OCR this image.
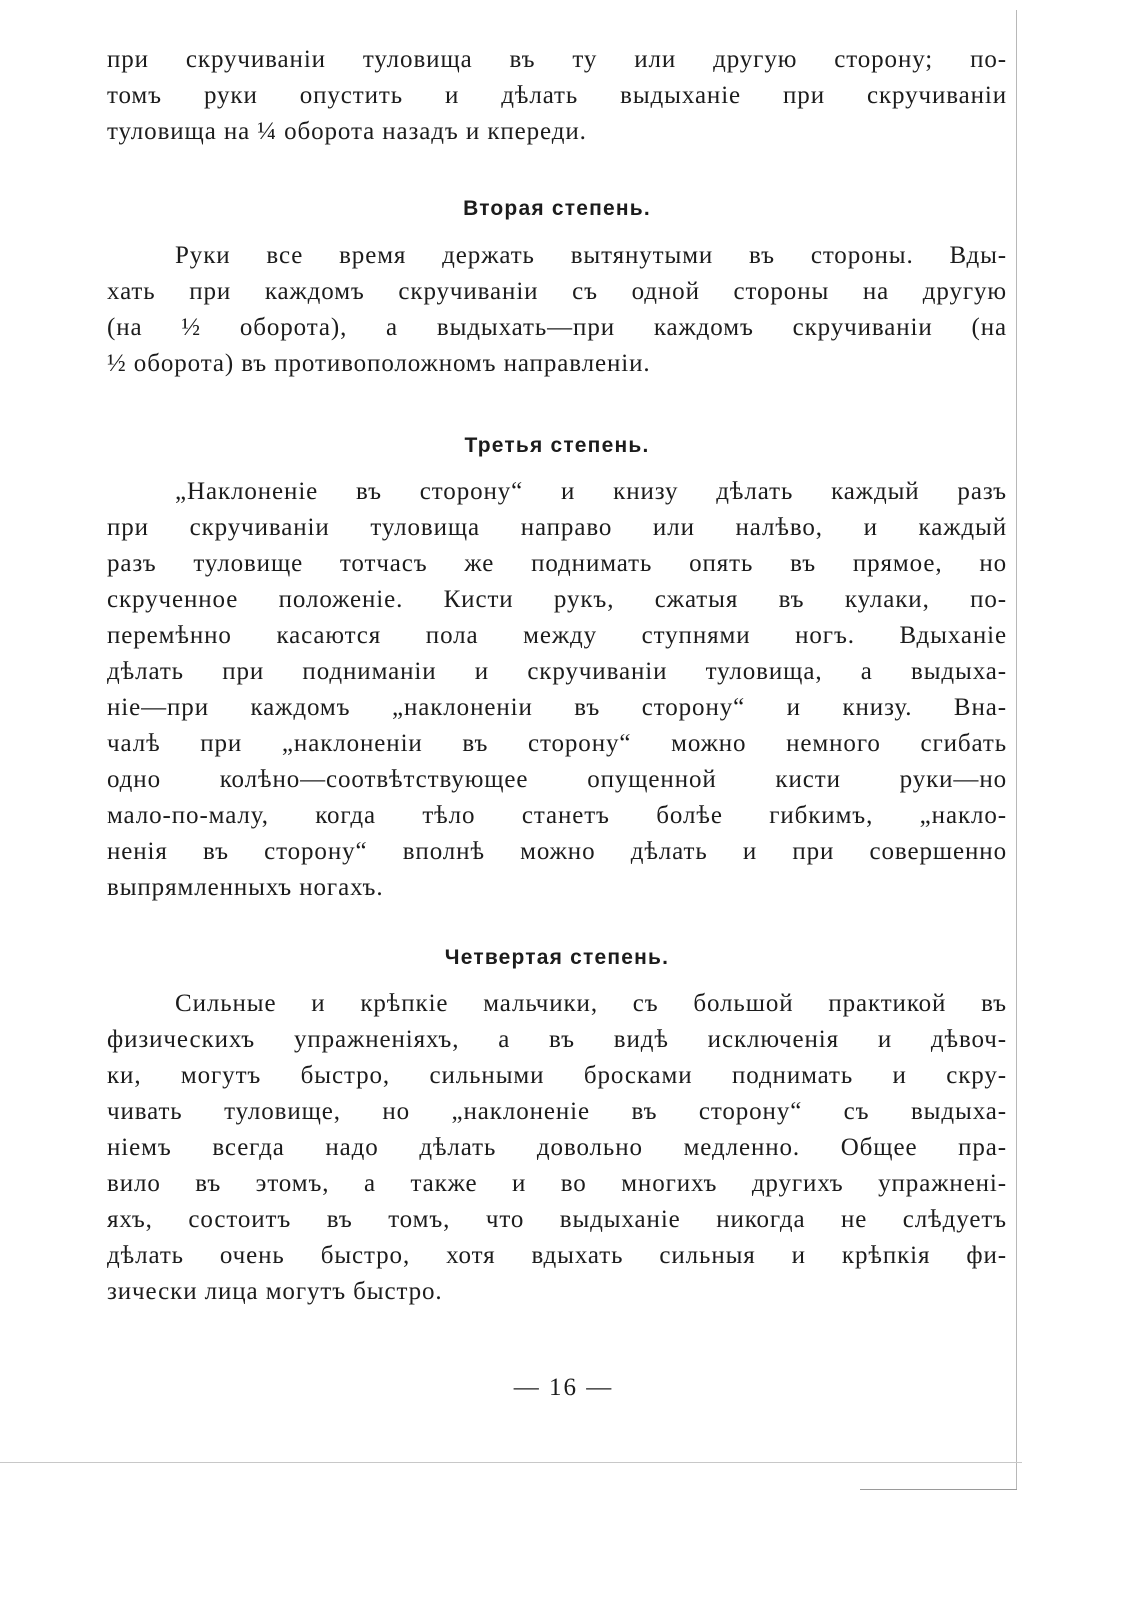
при скручиваніи туловища въ ту или другую сторону; по-
томъ руки опустить и дѣлать выдыханіе при скручиваніи
туловища на ¼ оборота назадъ и кпереди.
Вторая степень.
Руки все время держать вытянутыми въ стороны. Вды-
хать при каждомъ скручиваніи съ одной стороны на другую
(на ½ оборота), а выдыхать—при каждомъ скручиваніи (на
½ оборота) въ противоположномъ направленіи.
Третья степень.
„Наклоненіе въ сторону“ и книзу дѣлать каждый разъ
при скручиваніи туловища направо или налѣво, и каждый
разъ туловище тотчасъ же поднимать опять въ прямое, но
скрученное положеніе. Кисти рукъ, сжатыя въ кулаки, по-
перемѣнно касаются пола между ступнями ногъ. Вдыханіе
дѣлать при подниманіи и скручиваніи туловища, а выдыха-
ніе—при каждомъ „наклоненіи въ сторону“ и книзу. Вна-
чалѣ при „наклоненіи въ сторону“ можно немного сгибать
одно колѣно—соотвѣтствующее опущенной кисти руки—но
мало-по-малу, когда тѣло станетъ болѣе гибкимъ, „накло-
ненія въ сторону“ вполнѣ можно дѣлать и при совершенно
выпрямленныхъ ногахъ.
Четвертая степень.
Сильные и крѣпкіе мальчики, съ большой практикой въ
физическихъ упражненіяхъ, а въ видѣ исключенія и дѣвоч-
ки, могутъ быстро, сильными бросками поднимать и скру-
чивать туловище, но „наклоненіе въ сторону“ съ выдыха-
ніемъ всегда надо дѣлать довольно медленно. Общее пра-
вило въ этомъ, а также и во многихъ другихъ упражненi-
яхъ, состоитъ въ томъ, что выдыханіе никогда не слѣдуетъ
дѣлать очень быстро, хотя вдыхать сильныя и крѣпкія фи-
зически лица могутъ быстро.
— 16 —
